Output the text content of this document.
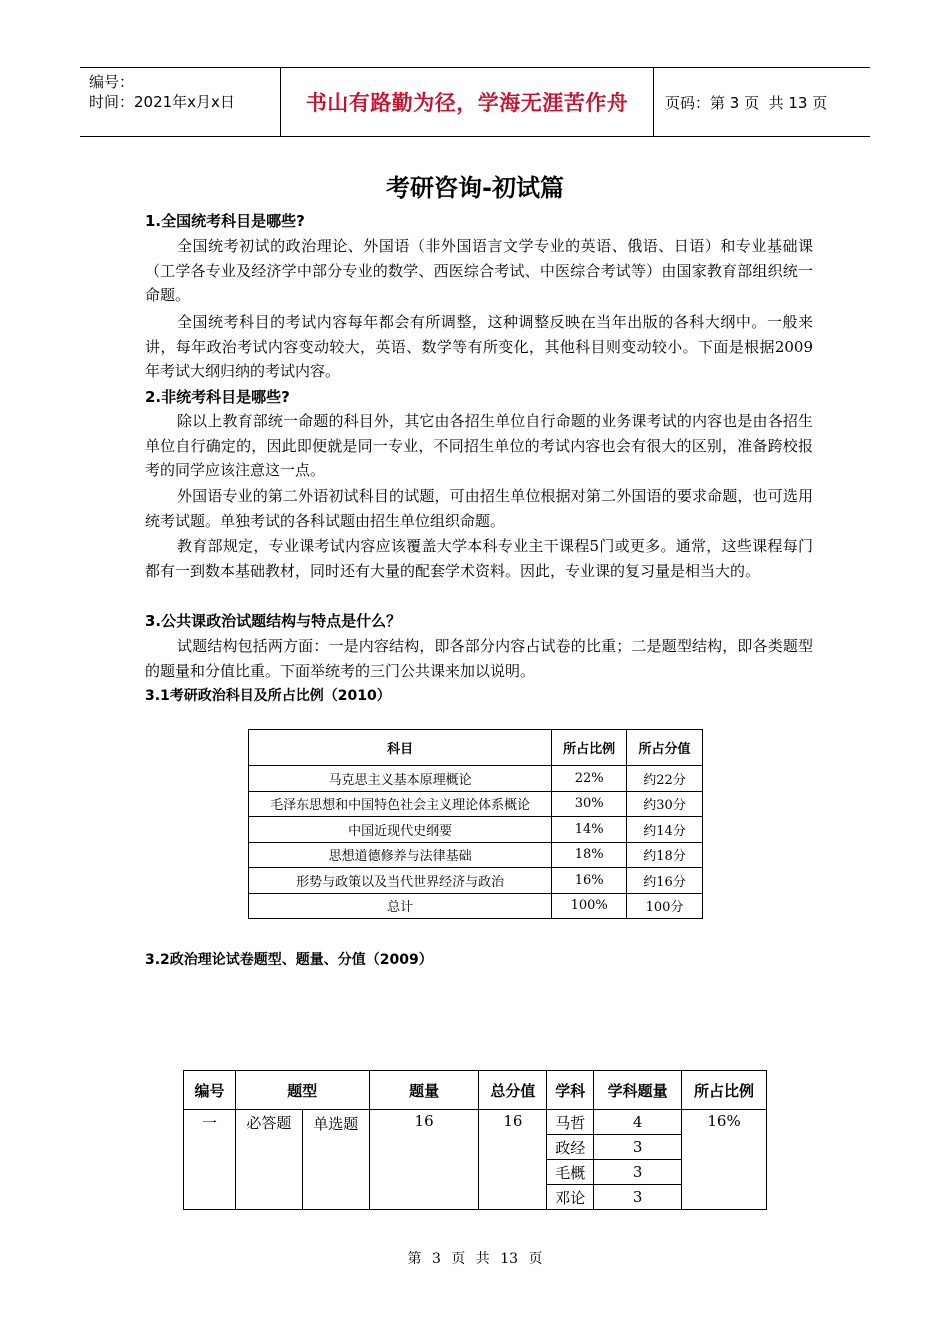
编号：
时间：2021年x月x日	书山有路勤为径，学海无涯苦作舟 页码：第 3 页  共 13 页
考研咨询-初试篇
1.全国统考科目是哪些?

全国统考初试的政治理论、外国语（非外国语言文学专业的英语、俄语、日语）和专业基础课（工学各专业及经济学中部分专业的数学、西医综合考试、中医综合考试等）由国家教育部组织统一命题。

全国统考科目的考试内容每年都会有所调整，这种调整反映在当年出版的各科大纲中。一般来讲，每年政治考试内容变动较大，英语、数学等有所变化，其他科目则变动较小。下面是根据2009年考试大纲归纳的考试内容。

2.非统考科目是哪些?

除以上教育部统一命题的科目外，其它由各招生单位自行命题的业务课考试的内容也是由各招生单位自行确定的，因此即便就是同一专业，不同招生单位的考试内容也会有很大的区别，准备跨校报考的同学应该注意这一点。

外国语专业的第二外语初试科目的试题，可由招生单位根据对第二外国语的要求命题，也可选用统考试题。单独考试的各科试题由招生单位组织命题。

教育部规定，专业课考试内容应该覆盖大学本科专业主干课程5门或更多。通常，这些课程每门都有一到数本基础教材，同时还有大量的配套学术资料。因此，专业课的复习量是相当大的。

3.公共课政治试题结构与特点是什么？

试题结构包括两方面：一是内容结构，即各部分内容占试卷的比重；二是题型结构，即各类题型的题量和分值比重。下面举统考的三门公共课来加以说明。

3.1考研政治科目及所占比例（2010）
科目	所占比例	所占分值
马克思主义基本原理概论	22%	约22分
毛泽东思想和中国特色社会主义理论体系概论	30%	约30分
中国近现代史纲要	14%	约14分
思想道德修养与法律基础	18%	约18分
形势与政策以及当代世界经济与政治	16%	约16分
总计	100%	100分
3.2政治理论试卷题型、题量、分值（2009）
编号	题型		题量	总分值	学科	学科题量	所占比例
一	必答题	单选题	16	16	马哲	4	16%
					政经	3	
					毛概	3	
					邓论	3	
第 3 页 共 13 页
